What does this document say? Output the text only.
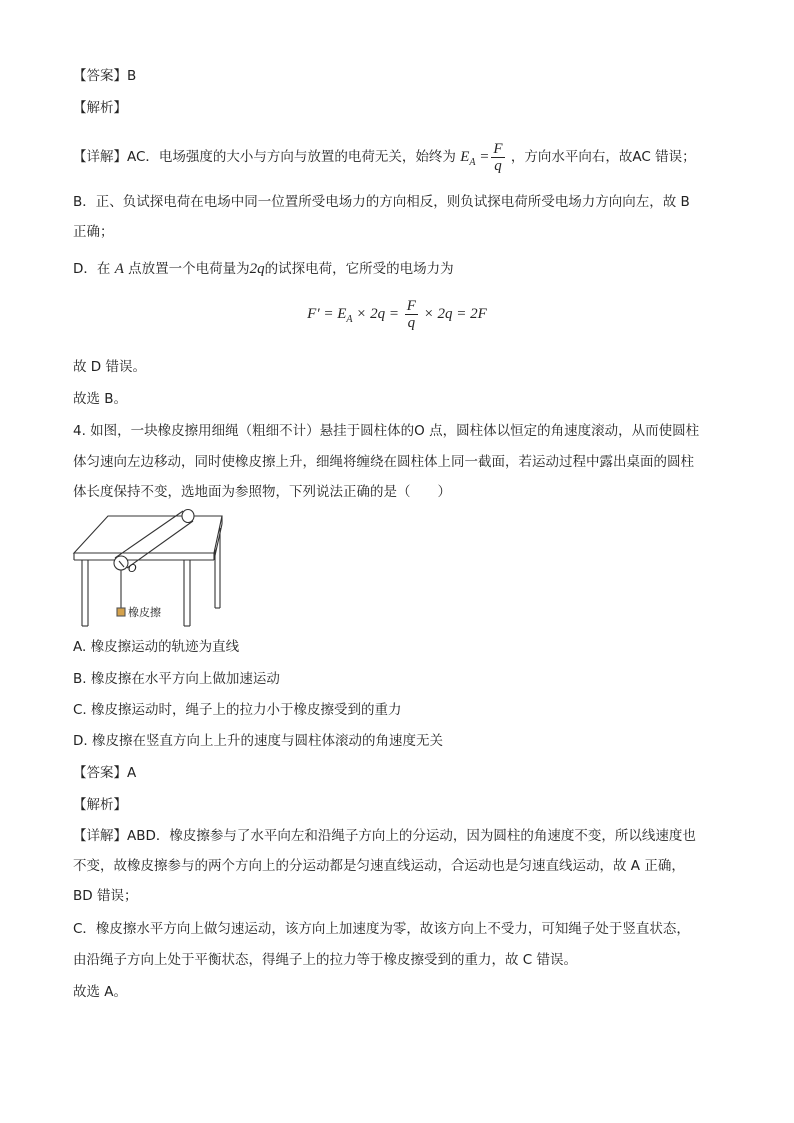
【答案】B
【解析】
【详解】AC．电场强度的大小与方向与放置的电荷无关，始终为 $E_A = \frac{F}{q}$ ，方向水平向右，故AC 错误；
B．正、负试探电荷在电场中同一位置所受电场力的方向相反，则负试探电荷所受电场力方向向左，故 B
正确；
D．在 A 点放置一个电荷量为2q的试探电荷，它所受的电场力为
$F' = E_A \times 2q = \frac{F}{q} \times 2q = 2F$
故 D 错误。
故选 B。
4. 如图，一块橡皮擦用细绳（粗细不计）悬挂于圆柱体的O 点，圆柱体以恒定的角速度滚动，从而使圆柱
体匀速向左边移动，同时使橡皮擦上升，细绳将缠绕在圆柱体上同一截面，若运动过程中露出桌面的圆柱
体长度保持不变，选地面为参照物，下列说法正确的是（　　）
O
橡皮擦
A. 橡皮擦运动的轨迹为直线
B. 橡皮擦在水平方向上做加速运动
C. 橡皮擦运动时，绳子上的拉力小于橡皮擦受到的重力
D. 橡皮擦在竖直方向上上升的速度与圆柱体滚动的角速度无关
【答案】A
【解析】
【详解】ABD．橡皮擦参与了水平向左和沿绳子方向上的分运动，因为圆柱的角速度不变，所以线速度也
不变，故橡皮擦参与的两个方向上的分运动都是匀速直线运动，合运动也是匀速直线运动，故 A 正确，
BD 错误；
C．橡皮擦水平方向上做匀速运动，该方向上加速度为零，故该方向上不受力，可知绳子处于竖直状态，
由沿绳子方向上处于平衡状态，得绳子上的拉力等于橡皮擦受到的重力，故 C 错误。
故选 A。
